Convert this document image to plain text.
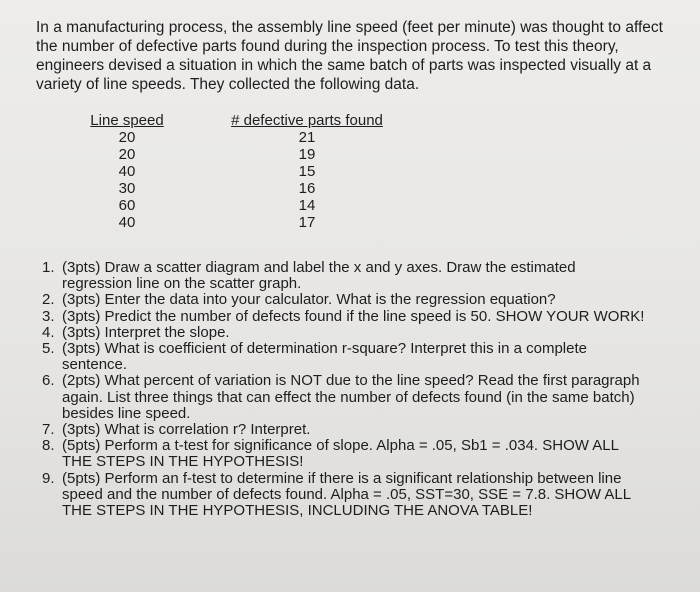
In a manufacturing process, the assembly line speed (feet per minute) was thought to affect the number of defective parts found during the inspection process. To test this theory, engineers devised a situation in which the same batch of parts was inspected visually at a variety of line speeds. They collected the following data.

Line speed		# defective parts found
20		21
20		19
40		15
30		16
60		14
40		17
1. (3pts) Draw a scatter diagram and label the x and y axes. Draw the estimated regression line on the scatter graph.
2. (3pts) Enter the data into your calculator. What is the regression equation?
3. (3pts) Predict the number of defects found if the line speed is 50. SHOW YOUR WORK!
4. (3pts) Interpret the slope.
5. (3pts) What is coefficient of determination r-square? Interpret this in a complete sentence.
6. (2pts) What percent of variation is NOT due to the line speed? Read the first paragraph again. List three things that can effect the number of defects found (in the same batch) besides line speed.
7. (3pts) What is correlation r? Interpret.
8. (5pts) Perform a t-test for significance of slope. Alpha = .05, Sb1 = .034. SHOW ALL THE STEPS IN THE HYPOTHESIS!
9. (5pts) Perform an f-test to determine if there is a significant relationship between line speed and the number of defects found. Alpha = .05, SST=30, SSE = 7.8. SHOW ALL THE STEPS IN THE HYPOTHESIS, INCLUDING THE ANOVA TABLE!
